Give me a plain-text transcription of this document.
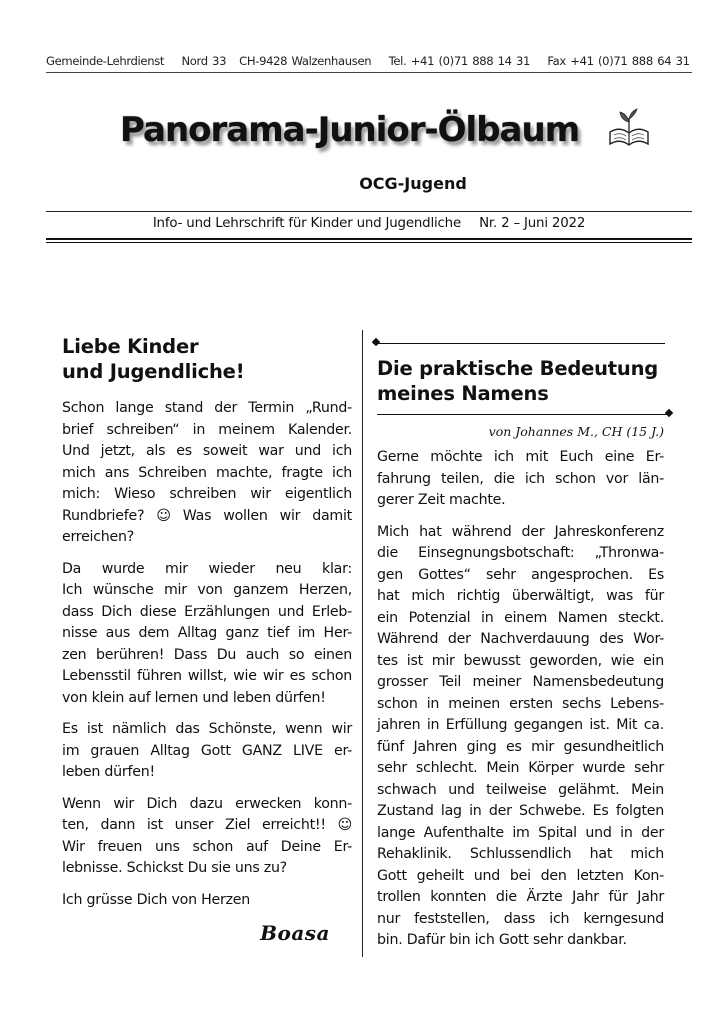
Gemeinde-Lehrdienst Nord 33 CH-9428 Walzenhausen Tel. +41 (0)71 888 14 31 Fax +41 (0)71 888 64 31
Panorama-Junior-Ölbaum
OCG-Jugend
Info- und Lehrschrift für Kinder und Jugendliche Nr. 2 – Juni 2022
Liebe Kinder
und Jugendliche!
Schon lange stand der Termin „Rund-
brief schreiben“ in meinem Kalender.
Und jetzt, als es soweit war und ich
mich ans Schreiben machte, fragte ich
mich: Wieso schreiben wir eigentlich
Rundbriefe? ☺ Was wollen wir damit
erreichen?
Da wurde mir wieder neu klar:
Ich wünsche mir von ganzem Herzen,
dass Dich diese Erzählungen und Erleb-
nisse aus dem Alltag ganz tief im Her-
zen berühren! Dass Du auch so einen
Lebensstil führen willst, wie wir es schon
von klein auf lernen und leben dürfen!
Es ist nämlich das Schönste, wenn wir
im grauen Alltag Gott GANZ LIVE er-
leben dürfen!
Wenn wir Dich dazu erwecken konn-
ten, dann ist unser Ziel erreicht!! ☺
Wir freuen uns schon auf Deine Er-
lebnisse. Schickst Du sie uns zu?
Ich grüsse Dich von Herzen
Boasa
Die praktische Bedeutung
meines Namens
von Johannes M., CH (15 J.)
Gerne möchte ich mit Euch eine Er-
fahrung teilen, die ich schon vor län-
gerer Zeit machte.
Mich hat während der Jahreskonferenz
die Einsegnungsbotschaft: „Thronwa-
gen Gottes“ sehr angesprochen. Es
hat mich richtig überwältigt, was für
ein Potenzial in einem Namen steckt.
Während der Nachverdauung des Wor-
tes ist mir bewusst geworden, wie ein
grosser Teil meiner Namensbedeutung
schon in meinen ersten sechs Lebens-
jahren in Erfüllung gegangen ist. Mit ca.
fünf Jahren ging es mir gesundheitlich
sehr schlecht. Mein Körper wurde sehr
schwach und teilweise gelähmt. Mein
Zustand lag in der Schwebe. Es folgten
lange Aufenthalte im Spital und in der
Rehaklinik. Schlussendlich hat mich
Gott geheilt und bei den letzten Kon-
trollen konnten die Ärzte Jahr für Jahr
nur feststellen, dass ich kerngesund
bin. Dafür bin ich Gott sehr dankbar.
